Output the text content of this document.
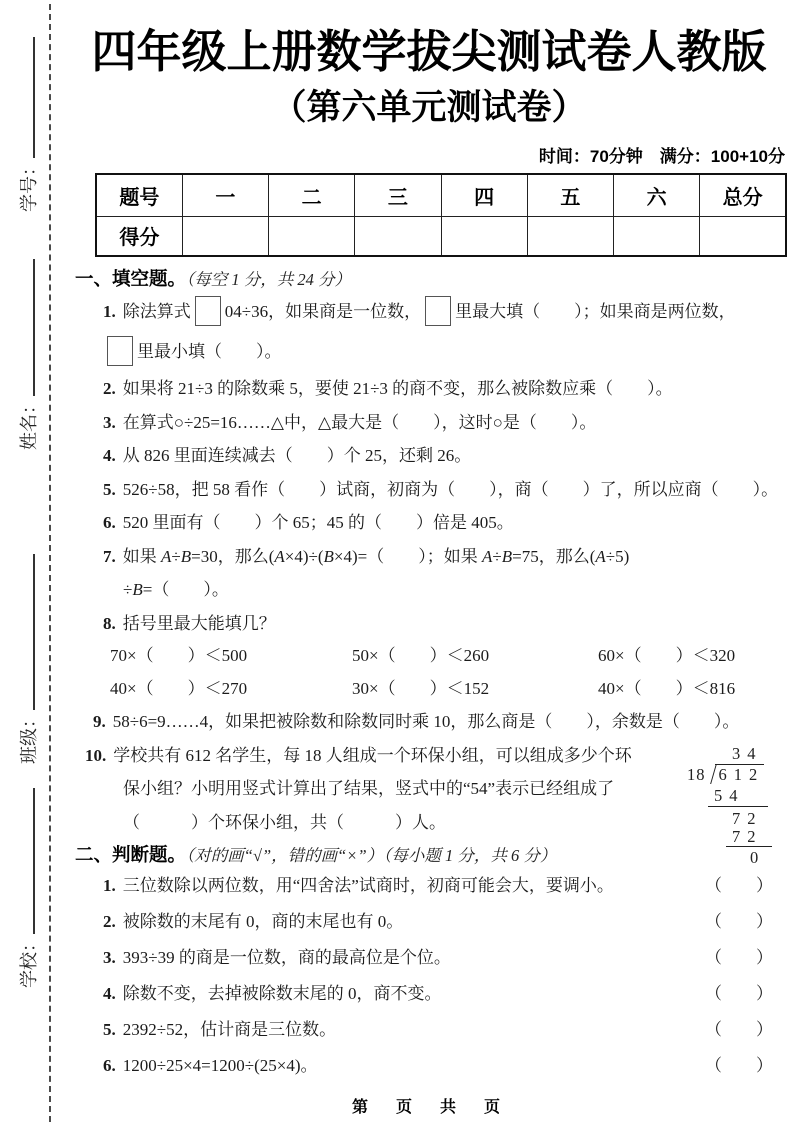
学校：班级：姓名：学号：
四年级上册数学拔尖测试卷人教版
（第六单元测试卷）
时间：70分钟　满分：100+10分
题号	一	二	三	四	五	六	总分
得分							
一、填空题。（每空 1 分，共 24 分）

1. 除法算式 04÷36，如果商是一位数， 里最大填（　　）；如果商是两位数，

里最小填（　　）。

2. 如果将 21÷3 的除数乘 5，要使 21÷3 的商不变，那么被除数应乘（　　）。

3. 在算式○÷25=16……△中，△最大是（　　），这时○是（　　）。

4. 从 826 里面连续减去（　　）个 25，还剩 26。

5. 526÷58，把 58 看作（　　）试商，初商为（　　），商（　　）了，所以应商（　　）。

6. 520 里面有（　　）个 65；45 的（　　）倍是 405。

7. 如果 A÷B=30，那么(A×4)÷(B×4)=（　　）；如果 A÷B=75，那么(A÷5)

÷B=（　　）。

8. 括号里最大能填几？

70×（　　）＜500	50×（　　）＜260	60×（　　）＜320
40×（　　）＜270	30×（　　）＜152	40×（　　）＜816

9. 58÷6=9……4，如果把被除数和除数同时乘 10，那么商是（　　），余数是（　　）。

10. 学校共有 612 名学生，每 18 人组成一个环保小组，可以组成多少个环

保小组？小明用竖式计算出了结果，竖式中的“54”表示已经组成了

（　　　）个环保小组，共（　　　）人。

二、判断题。（对的画“√”，错的画“×”）（每小题 1 分，共 6 分）
1. 三位数除以两位数，用“四舍法”试商时，初商可能会大，要调小。	（　　）
2. 被除数的末尾有 0，商的末尾也有 0。	（　　）
3. 393÷39 的商是一位数，商的最高位是个位。	（　　）
4. 除数不变，去掉被除数末尾的 0，商不变。	（　　）
5. 2392÷52，估计商是三位数。	（　　）
6. 1200÷25×4=1200÷(25×4)。	（　　）
第　页　共　页
34
18 612
54
72
72
0
